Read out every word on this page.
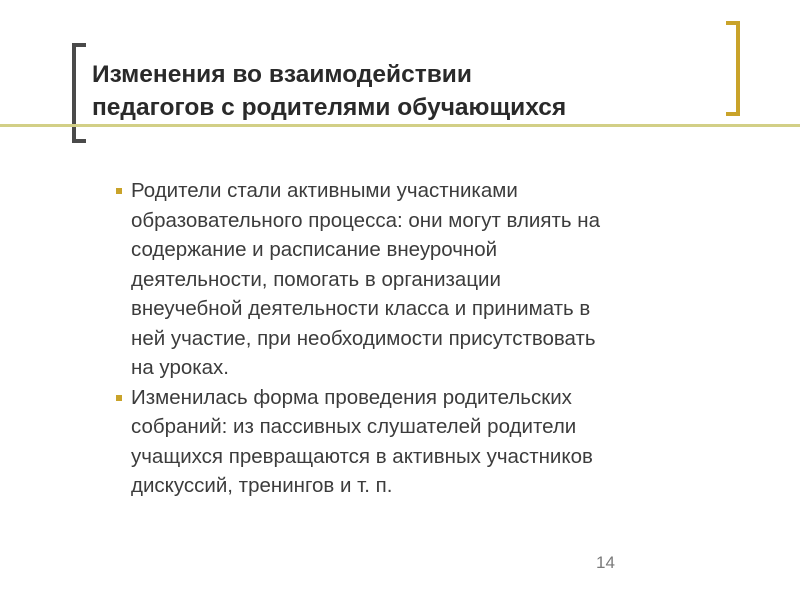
Изменения во взаимодействии
педагогов с родителями обучающихся
Родители стали активными участниками
образовательного процесса: они могут влиять на
содержание и расписание внеурочной
деятельности, помогать в организации
внеучебной деятельности класса и принимать в
ней участие, при необходимости присутствовать
на уроках.
Изменилась форма проведения родительских
собраний: из пассивных слушателей родители
учащихся превращаются в активных участников
дискуссий, тренингов и т. п.
14
